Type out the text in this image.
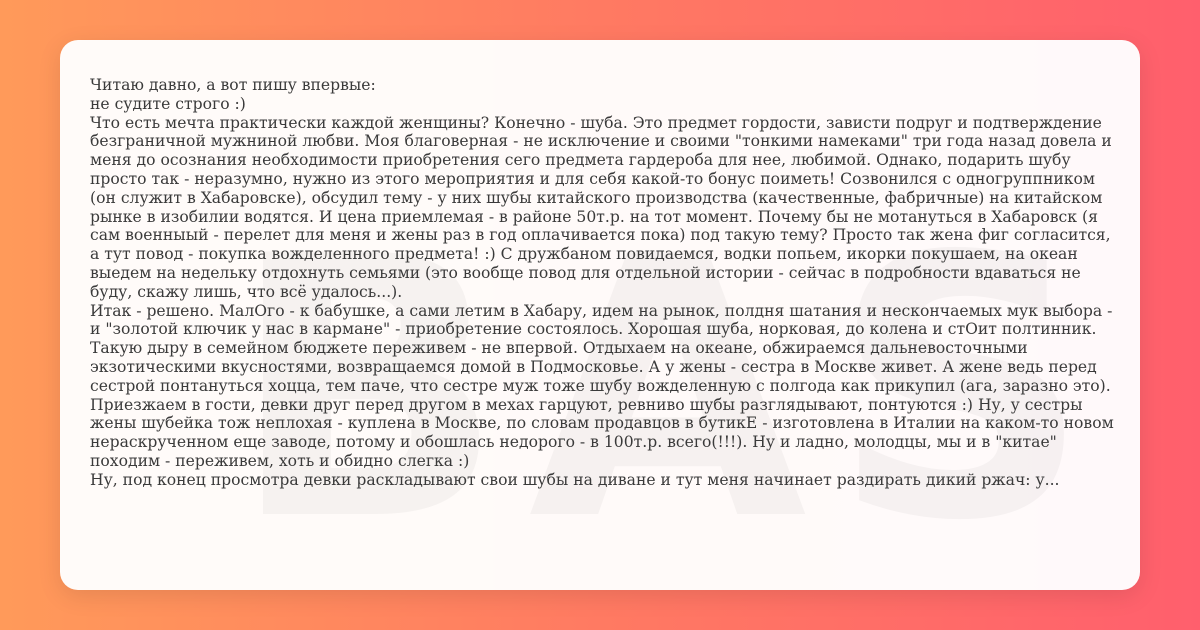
Читаю давно, а вот пишу впервые:

не судите строго :)

Что есть мечта практически каждой женщины? Конечно - шуба. Это предмет гордости, зависти подруг и подтверждение безграничной мужниной любви. Моя благоверная - не исключение и своими "тонкими намеками" три года назад довела и меня до осознания необходимости приобретения сего предмета гардероба для нее, любимой. Однако, подарить шубу просто так - неразумно, нужно из этого мероприятия и для себя какой-то бонус поиметь! Созвонился с одногруппником (он служит в Хабаровске), обсудил тему - у них шубы китайского производства (качественные, фабричные) на китайском рынке в изобилии водятся. И цена приемлемая - в районе 50т.р. на тот момент. Почему бы не мотануться в Хабаровск (я сам военныый - перелет для меня и жены раз в год оплачивается пока) под такую тему? Просто так жена фиг согласится, а тут повод - покупка вожделенного предмета! :) С дружбаном повидаемся, водки попьем, икорки покушаем, на океан выедем на недельку отдохнуть семьями (это вообще повод для отдельной истории - сейчас в подробности вдаваться не буду, скажу лишь, что всё удалось...).

Итак - решено. МалОго - к бабушке, а сами летим в Хабару, идем на рынок, полдня шатания и нескончаемых мук выбора - и "золотой ключик у нас в кармане" - приобретение состоялось. Хорошая шуба, норковая, до колена и стОит полтинник. Такую дыру в семейном бюджете переживем - не впервой. Отдыхаем на океане, обжираемся дальневосточными экзотическими вкусностями, возвращаемся домой в Подмосковье. А у жены - сестра в Москве живет. А жене ведь перед сестрой понтануться хоцца, тем паче, что сестре муж тоже шубу вожделенную с полгода как прикупил (ага, заразно это).

Приезжаем в гости, девки друг перед другом в мехах гарцуют, ревниво шубы разглядывают, понтуются :) Ну, у сестры жены шубейка тож неплохая - куплена в Москве, по словам продавцов в бутикЕ - изготовлена в Италии на каком-то новом нераскрученном еще заводе, потому и обошлась недорого - в 100т.р. всего(!!!). Ну и ладно, молодцы, мы и в "китае" походим - переживем, хоть и обидно слегка :)

Ну, под конец просмотра девки раскладывают свои шубы на диване и тут меня начинает раздирать дикий ржач: у...
